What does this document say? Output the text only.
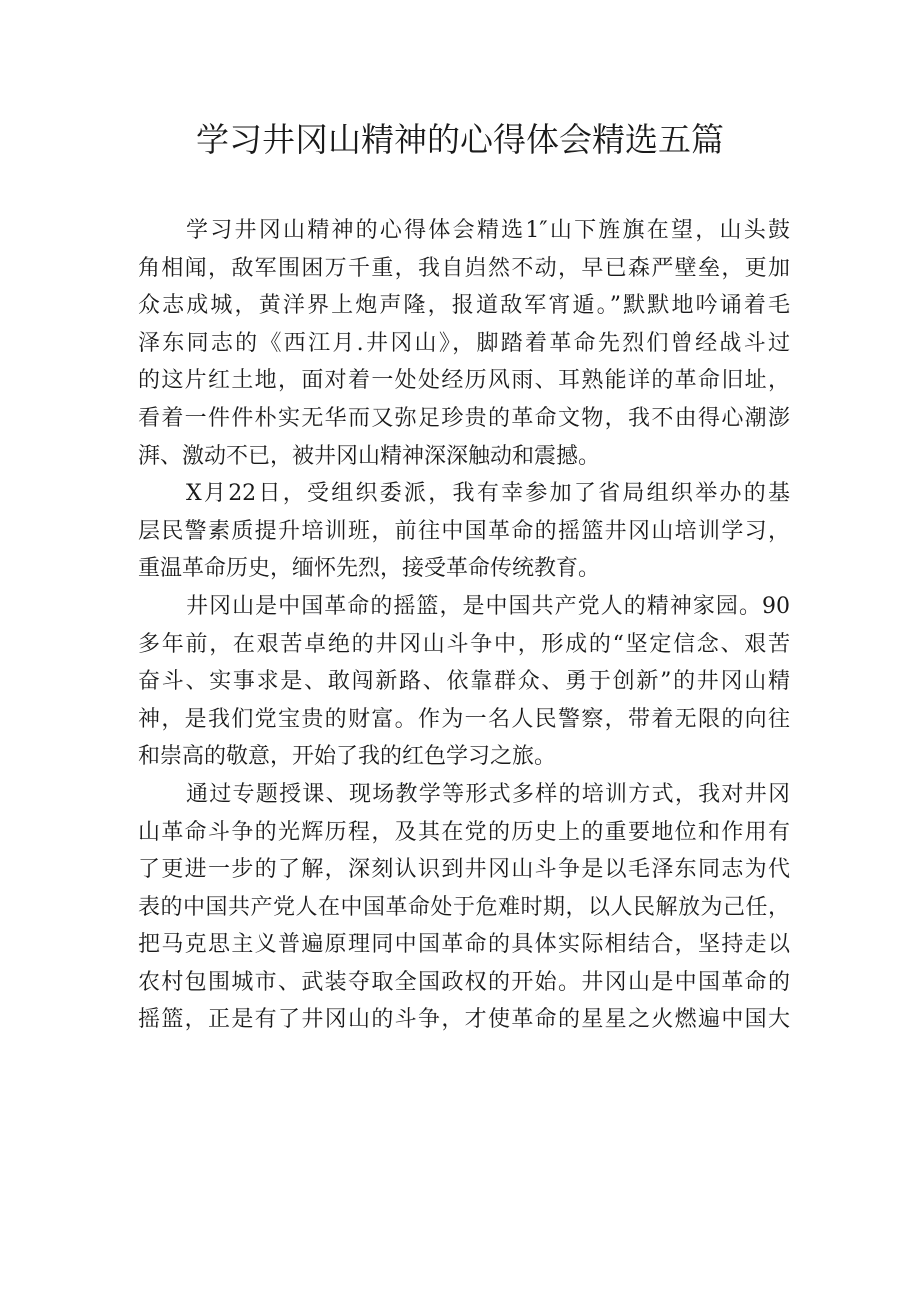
学习井冈山精神的心得体会精选五篇
学习井冈山精神的心得体会精选1″山下旌旗在望，山头鼓
角相闻，敌军围困万千重，我自岿然不动，早已森严壁垒，更加
众志成城，黄洋界上炮声隆，报道敌军宵遁。”默默地吟诵着毛
泽东同志的《西江月.井冈山》，脚踏着革命先烈们曾经战斗过
的这片红土地，面对着一处处经历风雨、耳熟能详的革命旧址，
看着一件件朴实无华而又弥足珍贵的革命文物，我不由得心潮澎
湃、激动不已，被井冈山精神深深触动和震撼。
X月22日，受组织委派，我有幸参加了省局组织举办的基
层民警素质提升培训班，前往中国革命的摇篮井冈山培训学习，
重温革命历史，缅怀先烈，接受革命传统教育。
井冈山是中国革命的摇篮，是中国共产党人的精神家园。90
多年前，在艰苦卓绝的井冈山斗争中，形成的“坚定信念、艰苦
奋斗、实事求是、敢闯新路、依靠群众、勇于创新”的井冈山精
神，是我们党宝贵的财富。作为一名人民警察，带着无限的向往
和崇高的敬意，开始了我的红色学习之旅。
通过专题授课、现场教学等形式多样的培训方式，我对井冈
山革命斗争的光辉历程，及其在党的历史上的重要地位和作用有
了更进一步的了解，深刻认识到井冈山斗争是以毛泽东同志为代
表的中国共产党人在中国革命处于危难时期，以人民解放为己任，
把马克思主义普遍原理同中国革命的具体实际相结合，坚持走以
农村包围城市、武装夺取全国政权的开始。井冈山是中国革命的
摇篮，正是有了井冈山的斗争，才使革命的星星之火燃遍中国大
